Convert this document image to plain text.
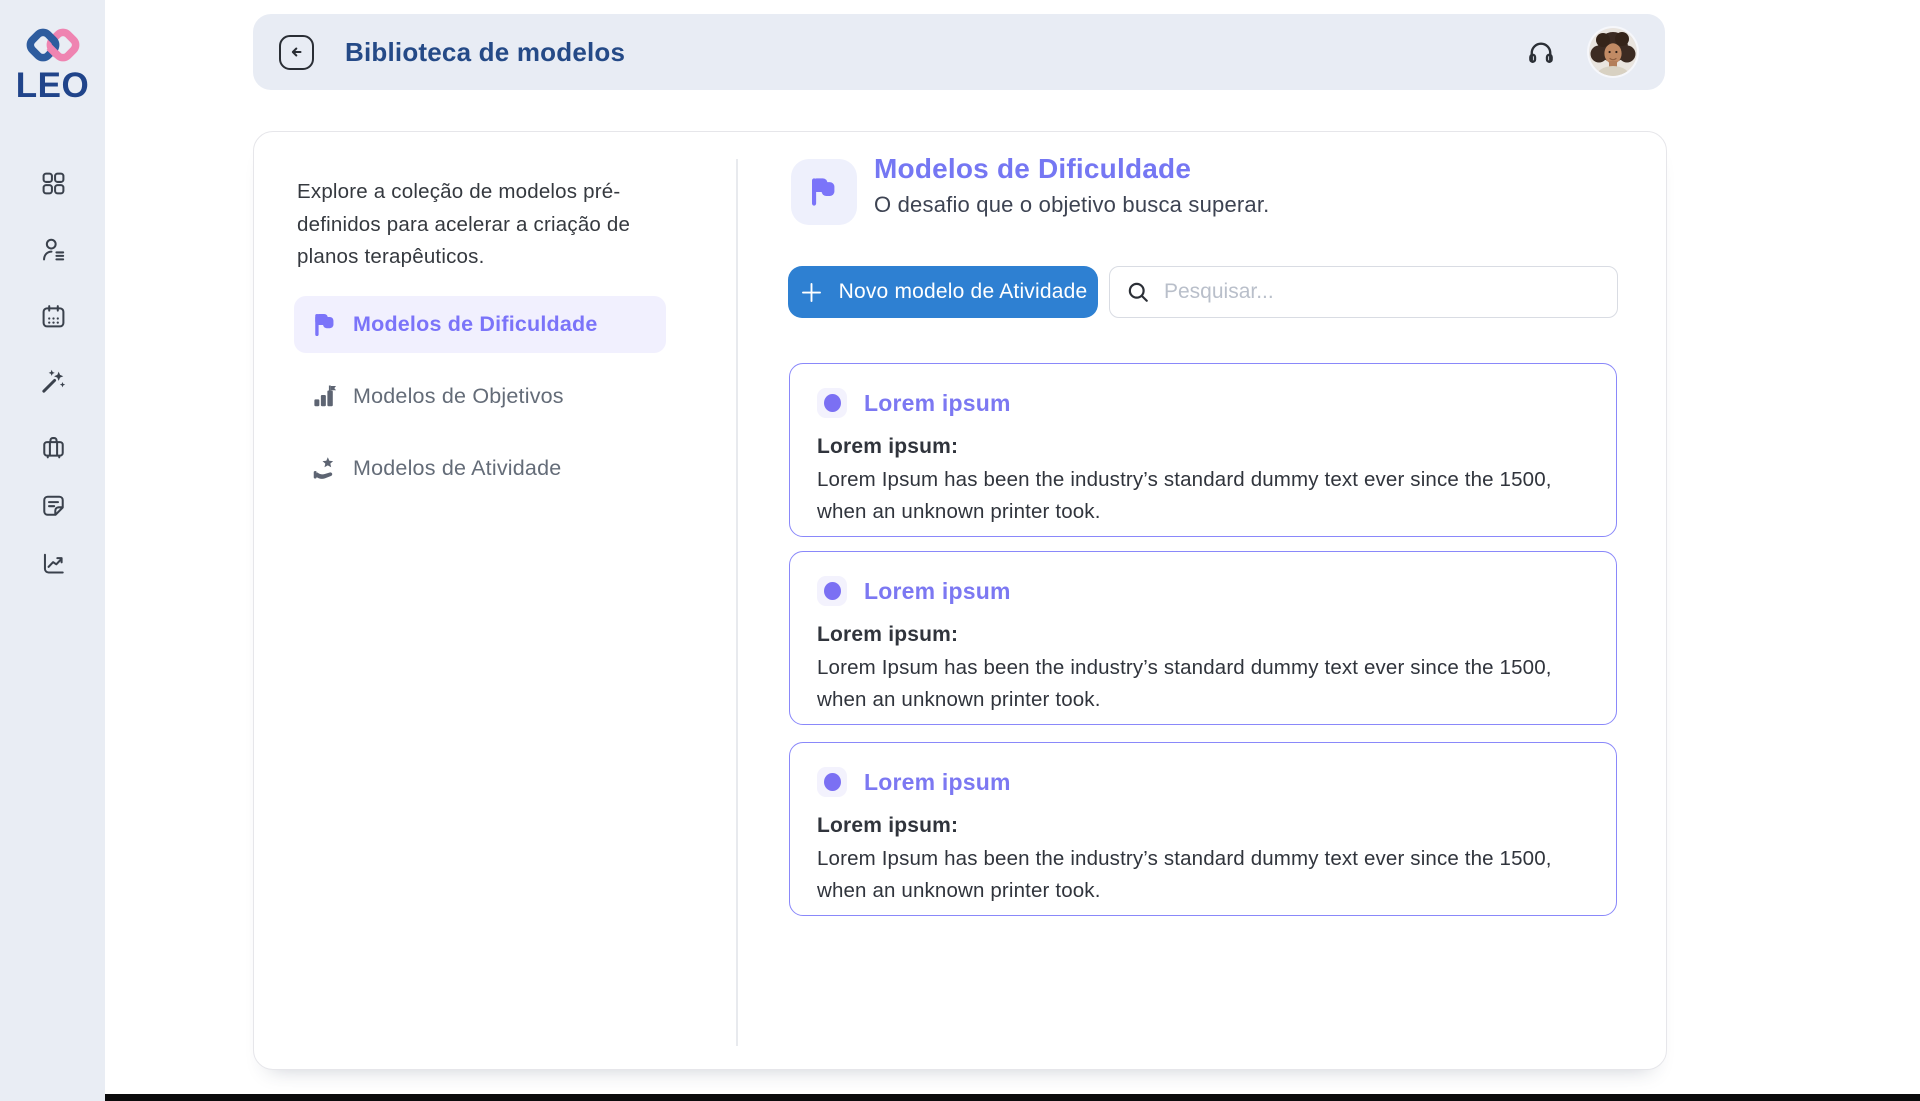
LEO
Biblioteca de modelos

Explore a coleção de modelos pré-definidos para acelerar a criação de planos terapêuticos.

Modelos de Dificuldade
Modelos de Objetivos
Modelos de Atividade
Modelos de Dificuldade
O desafio que o objetivo busca superar.
Novo modelo de Atividade
Pesquisar...
Lorem ipsum
Lorem ipsum:
Lorem Ipsum has been the industry’s standard dummy text ever since the 1500, when an unknown printer took.
Lorem ipsum
Lorem ipsum:
Lorem Ipsum has been the industry’s standard dummy text ever since the 1500, when an unknown printer took.
Lorem ipsum
Lorem ipsum:
Lorem Ipsum has been the industry’s standard dummy text ever since the 1500, when an unknown printer took.
